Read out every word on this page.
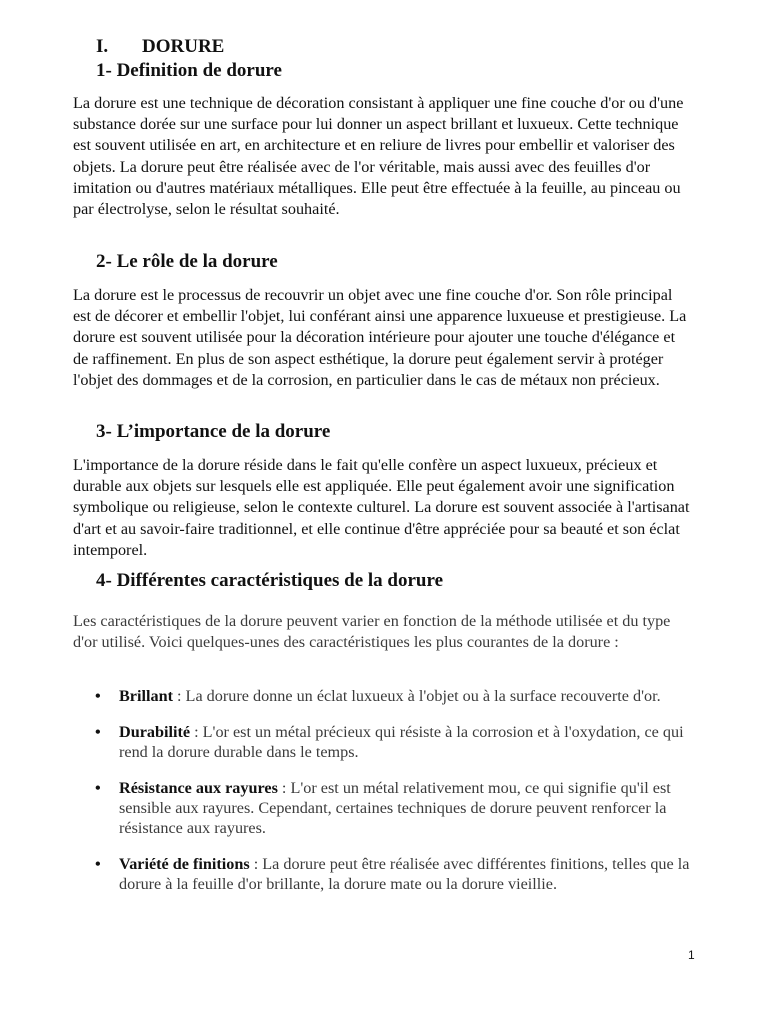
I. DORURE
1- Definition de dorure

La dorure est une technique de décoration consistant à appliquer une fine couche d'or ou d'une substance dorée sur une surface pour lui donner un aspect brillant et luxueux. Cette technique est souvent utilisée en art, en architecture et en reliure de livres pour embellir et valoriser des objets. La dorure peut être réalisée avec de l'or véritable, mais aussi avec des feuilles d'or imitation ou d'autres matériaux métalliques. Elle peut être effectuée à la feuille, au pinceau ou par électrolyse, selon le résultat souhaité.

2- Le rôle de la dorure

La dorure est le processus de recouvrir un objet avec une fine couche d'or. Son rôle principal est de décorer et embellir l'objet, lui conférant ainsi une apparence luxueuse et prestigieuse. La dorure est souvent utilisée pour la décoration intérieure pour ajouter une touche d'élégance et de raffinement. En plus de son aspect esthétique, la dorure peut également servir à protéger l'objet des dommages et de la corrosion, en particulier dans le cas de métaux non précieux.

3- L’importance de la dorure

L'importance de la dorure réside dans le fait qu'elle confère un aspect luxueux, précieux et durable aux objets sur lesquels elle est appliquée. Elle peut également avoir une signification symbolique ou religieuse, selon le contexte culturel. La dorure est souvent associée à l'artisanat d'art et au savoir-faire traditionnel, et elle continue d'être appréciée pour sa beauté et son éclat intemporel.

4- Différentes caractéristiques de la dorure

Les caractéristiques de la dorure peuvent varier en fonction de la méthode utilisée et du type d'or utilisé. Voici quelques-unes des caractéristiques les plus courantes de la dorure :

• Brillant : La dorure donne un éclat luxueux à l'objet ou à la surface recouverte d'or.
• Durabilité : L'or est un métal précieux qui résiste à la corrosion et à l'oxydation, ce qui rend la dorure durable dans le temps.
• Résistance aux rayures : L'or est un métal relativement mou, ce qui signifie qu'il est sensible aux rayures. Cependant, certaines techniques de dorure peuvent renforcer la résistance aux rayures.
• Variété de finitions : La dorure peut être réalisée avec différentes finitions, telles que la dorure à la feuille d'or brillante, la dorure mate ou la dorure vieillie.
1
